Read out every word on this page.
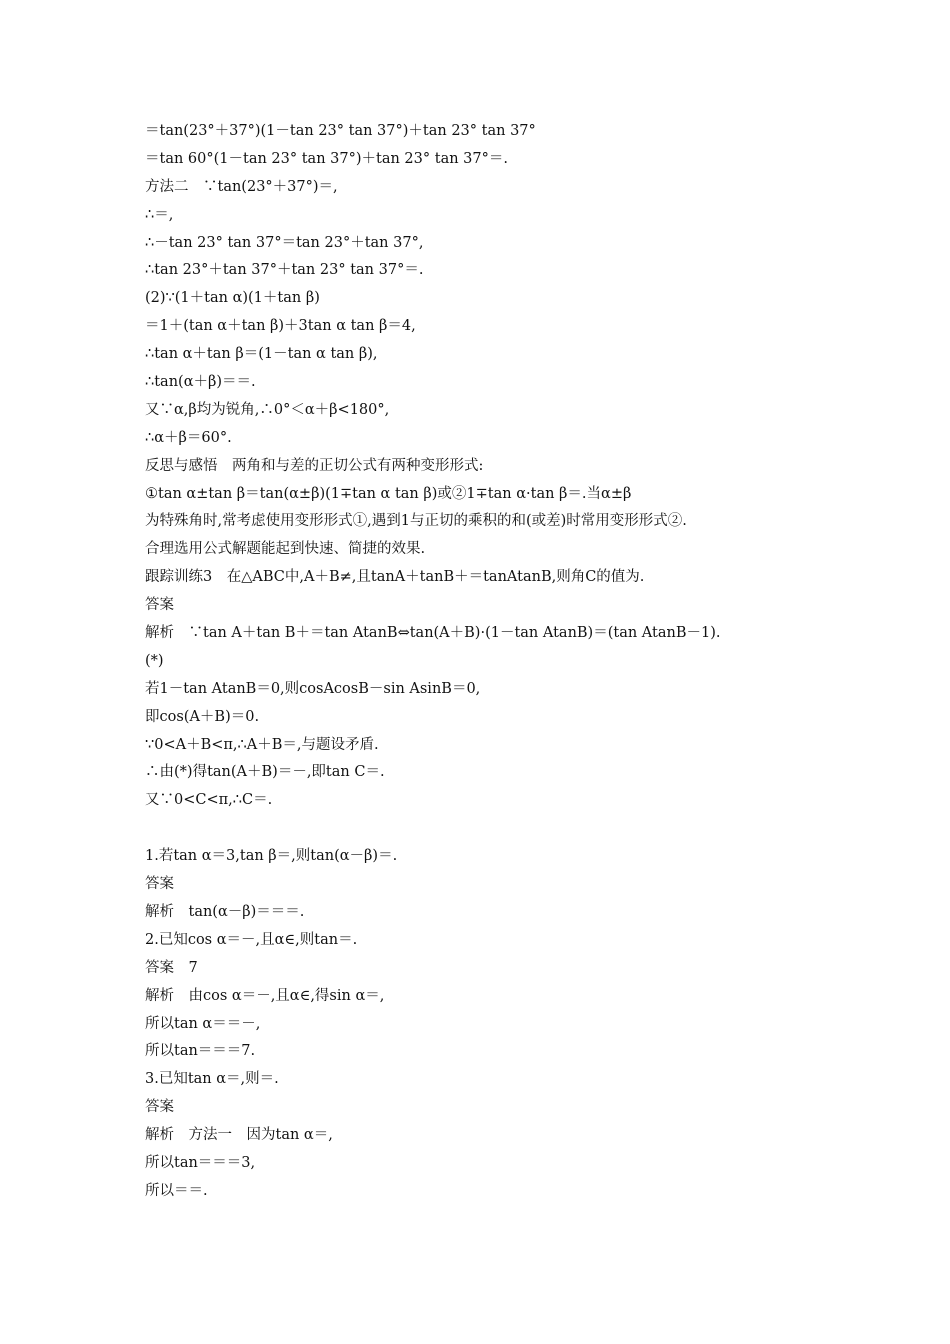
＝tan(23°＋37°)(1－tan 23° tan 37°)＋tan 23° tan 37°
＝tan 60°(1－tan 23° tan 37°)＋tan 23° tan 37°＝.
方法二　∵tan(23°＋37°)＝,
∴＝,
∴－tan 23° tan 37°＝tan 23°＋tan 37°,
∴tan 23°＋tan 37°＋tan 23° tan 37°＝.
(2)∵(1＋tan α)(1＋tan β)
＝1＋(tan α＋tan β)＋3tan α tan β＝4,
∴tan α＋tan β＝(1－tan α tan β),
∴tan(α＋β)＝＝.
又∵α,β均为锐角,∴0°＜α＋β<180°,
∴α＋β＝60°.
反思与感悟　两角和与差的正切公式有两种变形形式:
①tan α±tan β＝tan(α±β)(1∓tan α tan β)或②1∓tan α·tan β＝.当α±β
为特殊角时,常考虑使用变形形式①,遇到1与正切的乘积的和(或差)时常用变形形式②.
合理选用公式解题能起到快速、简捷的效果.
跟踪训练3　在△ABC中,A＋B≠,且tanA＋tanB＋＝tanAtanB,则角C的值为.
答案
解析　∵tan A＋tan B＋＝tan AtanB⇔tan(A＋B)·(1－tan AtanB)＝(tan AtanB－1).
(*)
若1－tan AtanB＝0,则cosAcosB－sin AsinB＝0,
即cos(A＋B)＝0.
∵0<A＋B<π,∴A＋B＝,与题设矛盾.
∴由(*)得tan(A＋B)＝－,即tan C＝.
又∵0<C<π,∴C＝.
1.若tan α＝3,tan β＝,则tan(α－β)＝.
答案
解析　tan(α－β)＝＝＝.
2.已知cos α＝－,且α∈,则tan＝.
答案　7
解析　由cos α＝－,且α∈,得sin α＝,
所以tan α＝＝－,
所以tan＝＝＝7.
3.已知tan α＝,则＝.
答案
解析　方法一　因为tan α＝,
所以tan＝＝＝3,
所以＝＝.
